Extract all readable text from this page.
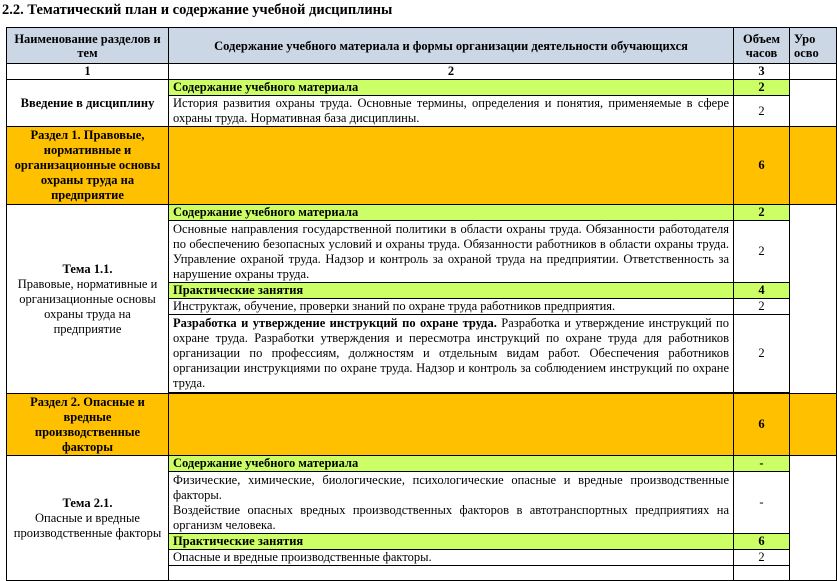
2.2. Тематический план и содержание учебной дисциплины
Наименование разделов и тем	Содержание учебного материала и формы организации деятельности обучающихся	Объем часов	Уро осво
1	2	3	
Введение в дисциплину	Содержание учебного материала	2	
	История развития охраны труда. Основные термины, определения и понятия, применяемые в сфере охраны труда. Нормативная база дисциплины.	2	
Раздел 1. Правовые, нормативные и организационные основы охраны труда на предприятие		6	

Тема 1.1.
Правовые, нормативные и организационные основы охраны труда на предприятие	Содержание учебного материала	2	
	Основные направления государственной политики в области охраны труда. Обязанности работодателя по обеспечению безопасных условий и охраны труда. Обязанности работников в области охраны труда. Управление охраной труда. Надзор и контроль за охраной труда на предприятии. Ответственность за нарушение охраны труда.	2	
	Практические занятия	4	
	Инструктаж, обучение, проверки знаний по охране труда работников предприятия.	2	
	Разработка и утверждение инструкций по охране труда. Разработка и утверждение инструкций по охране труда. Разработки утверждения и пересмотра инструкций по охране труда для работников организации по профессиям, должностям и отдельным видам работ. Обеспечения работников организации инструкциями по охране труда. Надзор и контроль за соблюдением инструкций по охране труда.	2	

Раздел 2. Опасные и вредные производственные факторы		6	

Тема 2.1.
Опасные и вредные производственные факторы	Содержание учебного материала	-	

	Физические, химические, биологические, психологические опасные и вредные производственные факторы.
Воздействие опасных вредных производственных факторов в автотранспортных предприятиях на организм человека.	-	
	Практические занятия	6	
	Опасные и вредные производственные факторы.	2	
